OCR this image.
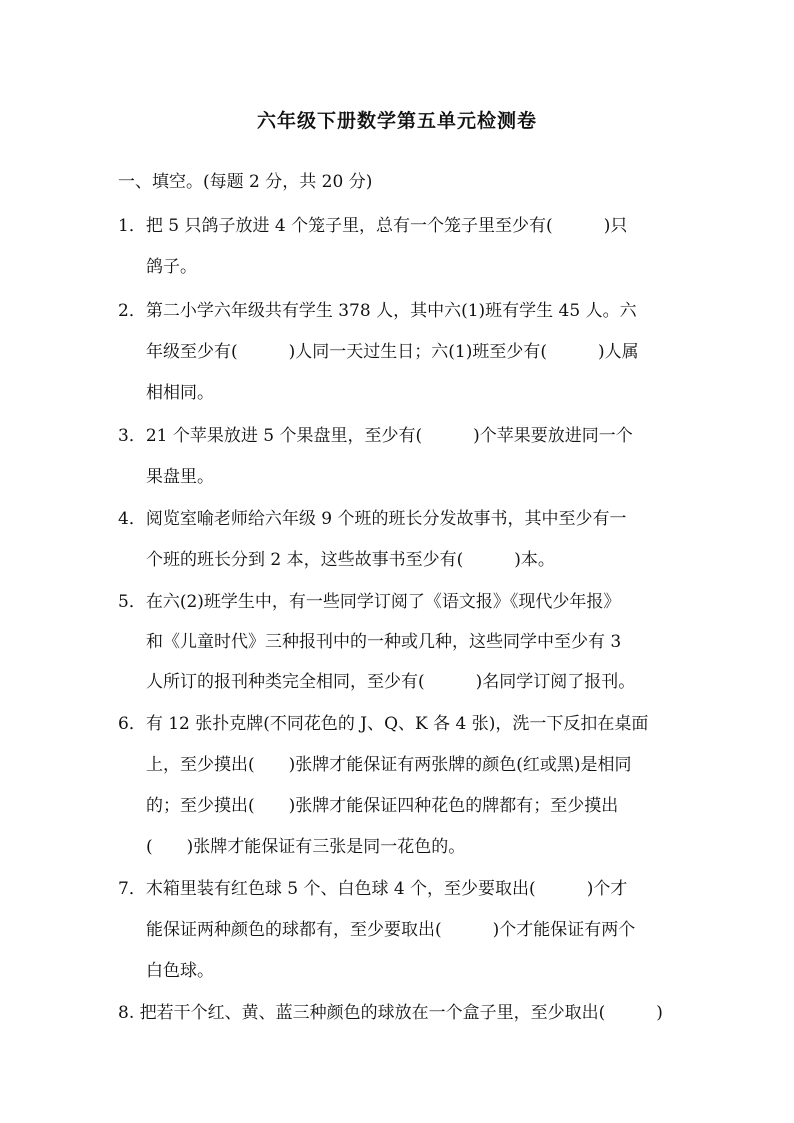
六年级下册数学第五单元检测卷
一、填空。(每题 2 分，共 20 分)
1．把 5 只鸽子放进 4 个笼子里，总有一个笼子里至少有(　　　)只
鸽子。
2．第二小学六年级共有学生 378 人，其中六(1)班有学生 45 人。六
年级至少有(　　　)人同一天过生日；六(1)班至少有(　　　)人属
相相同。
3．21 个苹果放进 5 个果盘里，至少有(　　　)个苹果要放进同一个
果盘里。
4．阅览室喻老师给六年级 9 个班的班长分发故事书，其中至少有一
个班的班长分到 2 本，这些故事书至少有(　　　)本。
5．在六(2)班学生中，有一些同学订阅了《语文报》《现代少年报》
和《儿童时代》三种报刊中的一种或几种，这些同学中至少有 3
人所订的报刊种类完全相同，至少有(　　　)名同学订阅了报刊。
6．有 12 张扑克牌(不同花色的 J、Q、K 各 4 张)，洗一下反扣在桌面
上，至少摸出(　　)张牌才能保证有两张牌的颜色(红或黑)是相同
的；至少摸出(　　)张牌才能保证四种花色的牌都有；至少摸出
(　　)张牌才能保证有三张是同一花色的。
7．木箱里装有红色球 5 个、白色球 4 个，至少要取出(　　　)个才
能保证两种颜色的球都有，至少要取出(　　　)个才能保证有两个
白色球。
8. 把若干个红、黄、蓝三种颜色的球放在一个盒子里，至少取出(　　　)
